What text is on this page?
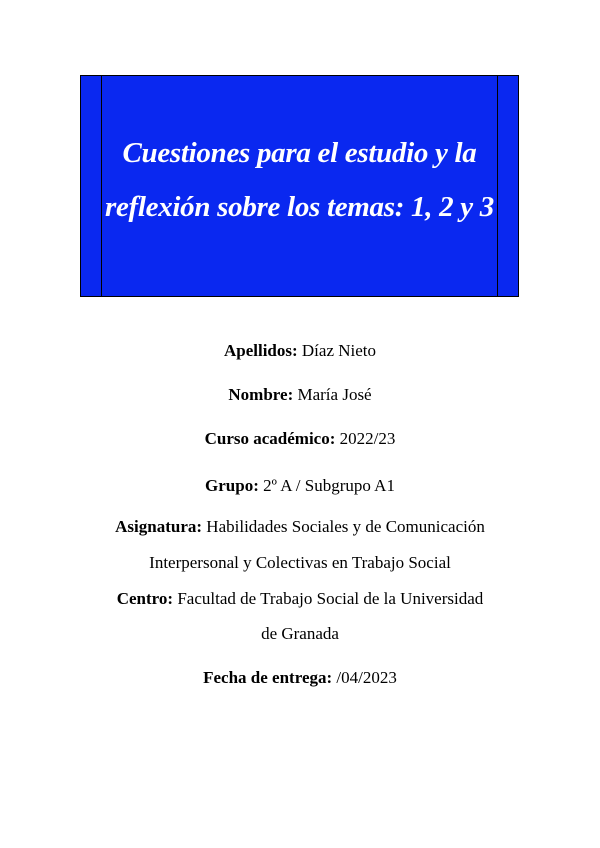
Cuestiones para el estudio y la
reflexión sobre los temas: 1, 2 y 3
Apellidos: Díaz Nieto
Nombre: María José
Curso académico: 2022/23
Grupo: 2º A / Subgrupo A1
Asignatura: Habilidades Sociales y de Comunicación
Interpersonal y Colectivas en Trabajo Social
Centro: Facultad de Trabajo Social de la Universidad
de Granada
Fecha de entrega: /04/2023
